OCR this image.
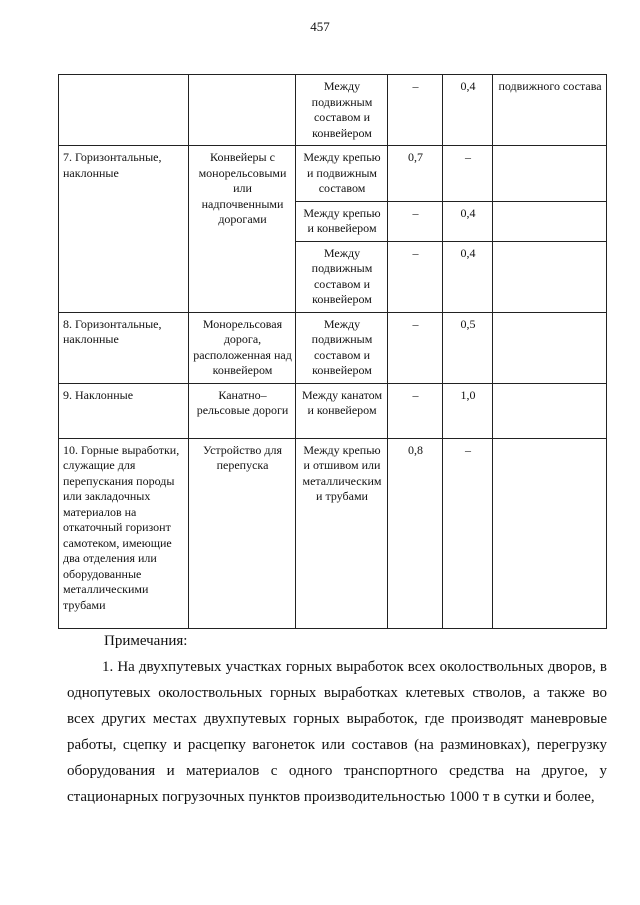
457
		Между подвижным составом и конвейером	–	0,4	подвижного состава
7. Горизонтальные, наклонные	Конвейеры с монорельсовыми или надпочвенными дорогами	Между крепью и подвижным составом	0,7	–	
		Между крепью и конвейером	–	0,4	
		Между подвижным составом и конвейером	–	0,4	
8. Горизонтальные, наклонные	Монорельсовая дорога, расположенная над конвейером	Между подвижным составом и конвейером	–	0,5	
9. Наклонные	Канатно–рельсовые дороги	Между канатом и конвейером	–	1,0	
10. Горные выработки, служащие для перепускания породы или закладочных материалов на откаточный горизонт самотеком, имеющие два отделения или оборудованные металлическими трубами	Устройство для перепуска	Между крепью и отшивом или металлическим и трубами	0,8	–	
Примечания:
1. На двухпутевых участках горных выработок всех околоствольных дворов, в однопутевых околоствольных горных выработках клетевых стволов, а также во всех других местах двухпутевых горных выработок, где производят маневровые работы, сцепку и расцепку вагонеток или составов (на разминовках), перегрузку оборудования и материалов с одного транспортного средства на другое, у стационарных погрузочных пунктов производительностью 1000 т в сутки и более,
